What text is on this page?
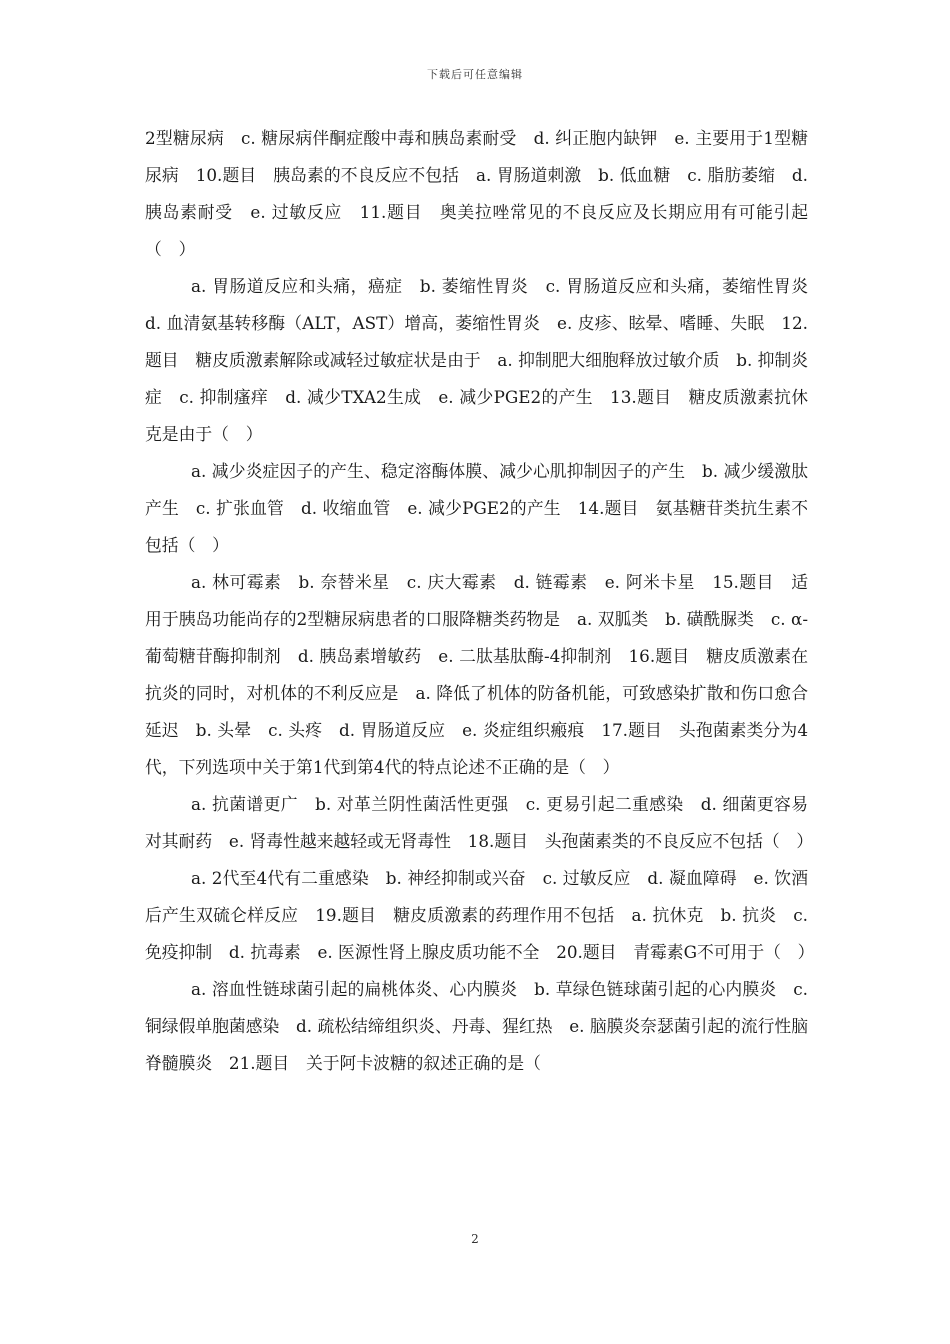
下载后可任意编辑

2型糖尿病　c. 糖尿病伴酮症酸中毒和胰岛素耐受　d. 纠正胞内缺钾　e. 主要用于1型糖尿病　10.题目　胰岛素的不良反应不包括　a. 胃肠道刺激　b. 低血糖　c. 脂肪萎缩　d. 胰岛素耐受　e. 过敏反应　11.题目　奥美拉唑常见的不良反应及长期应用有可能引起（　）

a. 胃肠道反应和头痛，癌症　b. 萎缩性胃炎　c. 胃肠道反应和头痛，萎缩性胃炎　d. 血清氨基转移酶（ALT，AST）增高，萎缩性胃炎　e. 皮疹、眩晕、嗜睡、失眠　12.题目　糖皮质激素解除或减轻过敏症状是由于　a. 抑制肥大细胞释放过敏介质　b. 抑制炎症　c. 抑制瘙痒　d. 减少TXA2生成　e. 减少PGE2的产生　13.题目　糖皮质激素抗休克是由于（　）

a. 减少炎症因子的产生、稳定溶酶体膜、减少心肌抑制因子的产生　b. 减少缓激肽产生　c. 扩张血管　d. 收缩血管　e. 减少PGE2的产生　14.题目　氨基糖苷类抗生素不包括（　）

a. 林可霉素　b. 奈替米星　c. 庆大霉素　d. 链霉素　e. 阿米卡星　15.题目　适用于胰岛功能尚存的2型糖尿病患者的口服降糖类药物是　a. 双胍类　b. 磺酰脲类　c. α-葡萄糖苷酶抑制剂　d. 胰岛素增敏药　e. 二肽基肽酶-4抑制剂　16.题目　糖皮质激素在抗炎的同时，对机体的不利反应是　a. 降低了机体的防备机能，可致感染扩散和伤口愈合延迟　b. 头晕　c. 头疼　d. 胃肠道反应　e. 炎症组织瘢痕　17.题目　头孢菌素类分为4代，下列选项中关于第1代到第4代的特点论述不正确的是（　）

a. 抗菌谱更广　b. 对革兰阴性菌活性更强　c. 更易引起二重感染　d. 细菌更容易对其耐药　e. 肾毒性越来越轻或无肾毒性　18.题目　头孢菌素类的不良反应不包括（　）

a. 2代至4代有二重感染　b. 神经抑制或兴奋　c. 过敏反应　d. 凝血障碍　e. 饮酒后产生双硫仑样反应　19.题目　糖皮质激素的药理作用不包括　a. 抗休克　b. 抗炎　c. 免疫抑制　d. 抗毒素　e. 医源性肾上腺皮质功能不全　20.题目　青霉素G不可用于（　）

a. 溶血性链球菌引起的扁桃体炎、心内膜炎　b. 草绿色链球菌引起的心内膜炎　c. 铜绿假单胞菌感染　d. 疏松结缔组织炎、丹毒、猩红热　e. 脑膜炎奈瑟菌引起的流行性脑脊髓膜炎　21.题目　关于阿卡波糖的叙述正确的是（

2
